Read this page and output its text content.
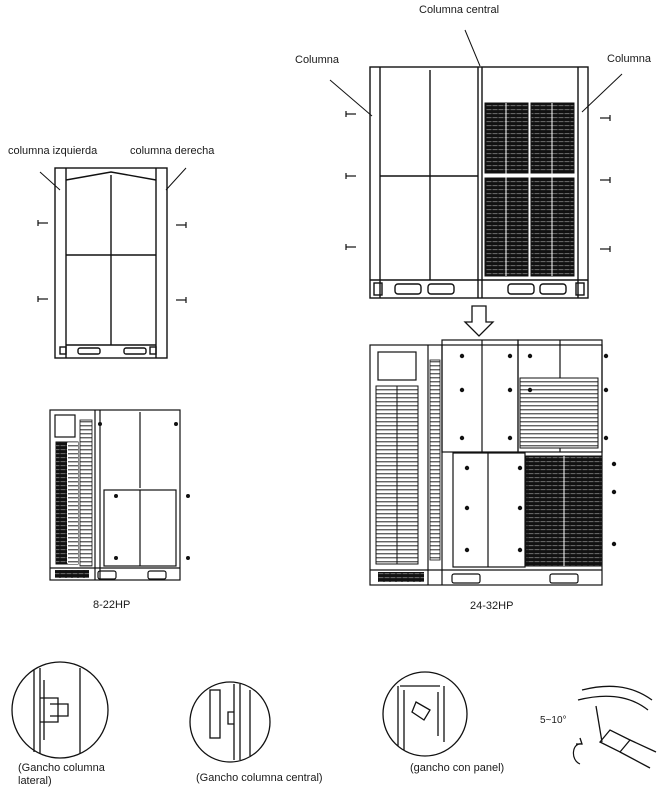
Columna central
Columna	Columna
columna izquierda	columna derecha
8-22HP	24-32HP
5~10°
(Gancho columna lateral)	(Gancho columna central)
(gancho con panel)
